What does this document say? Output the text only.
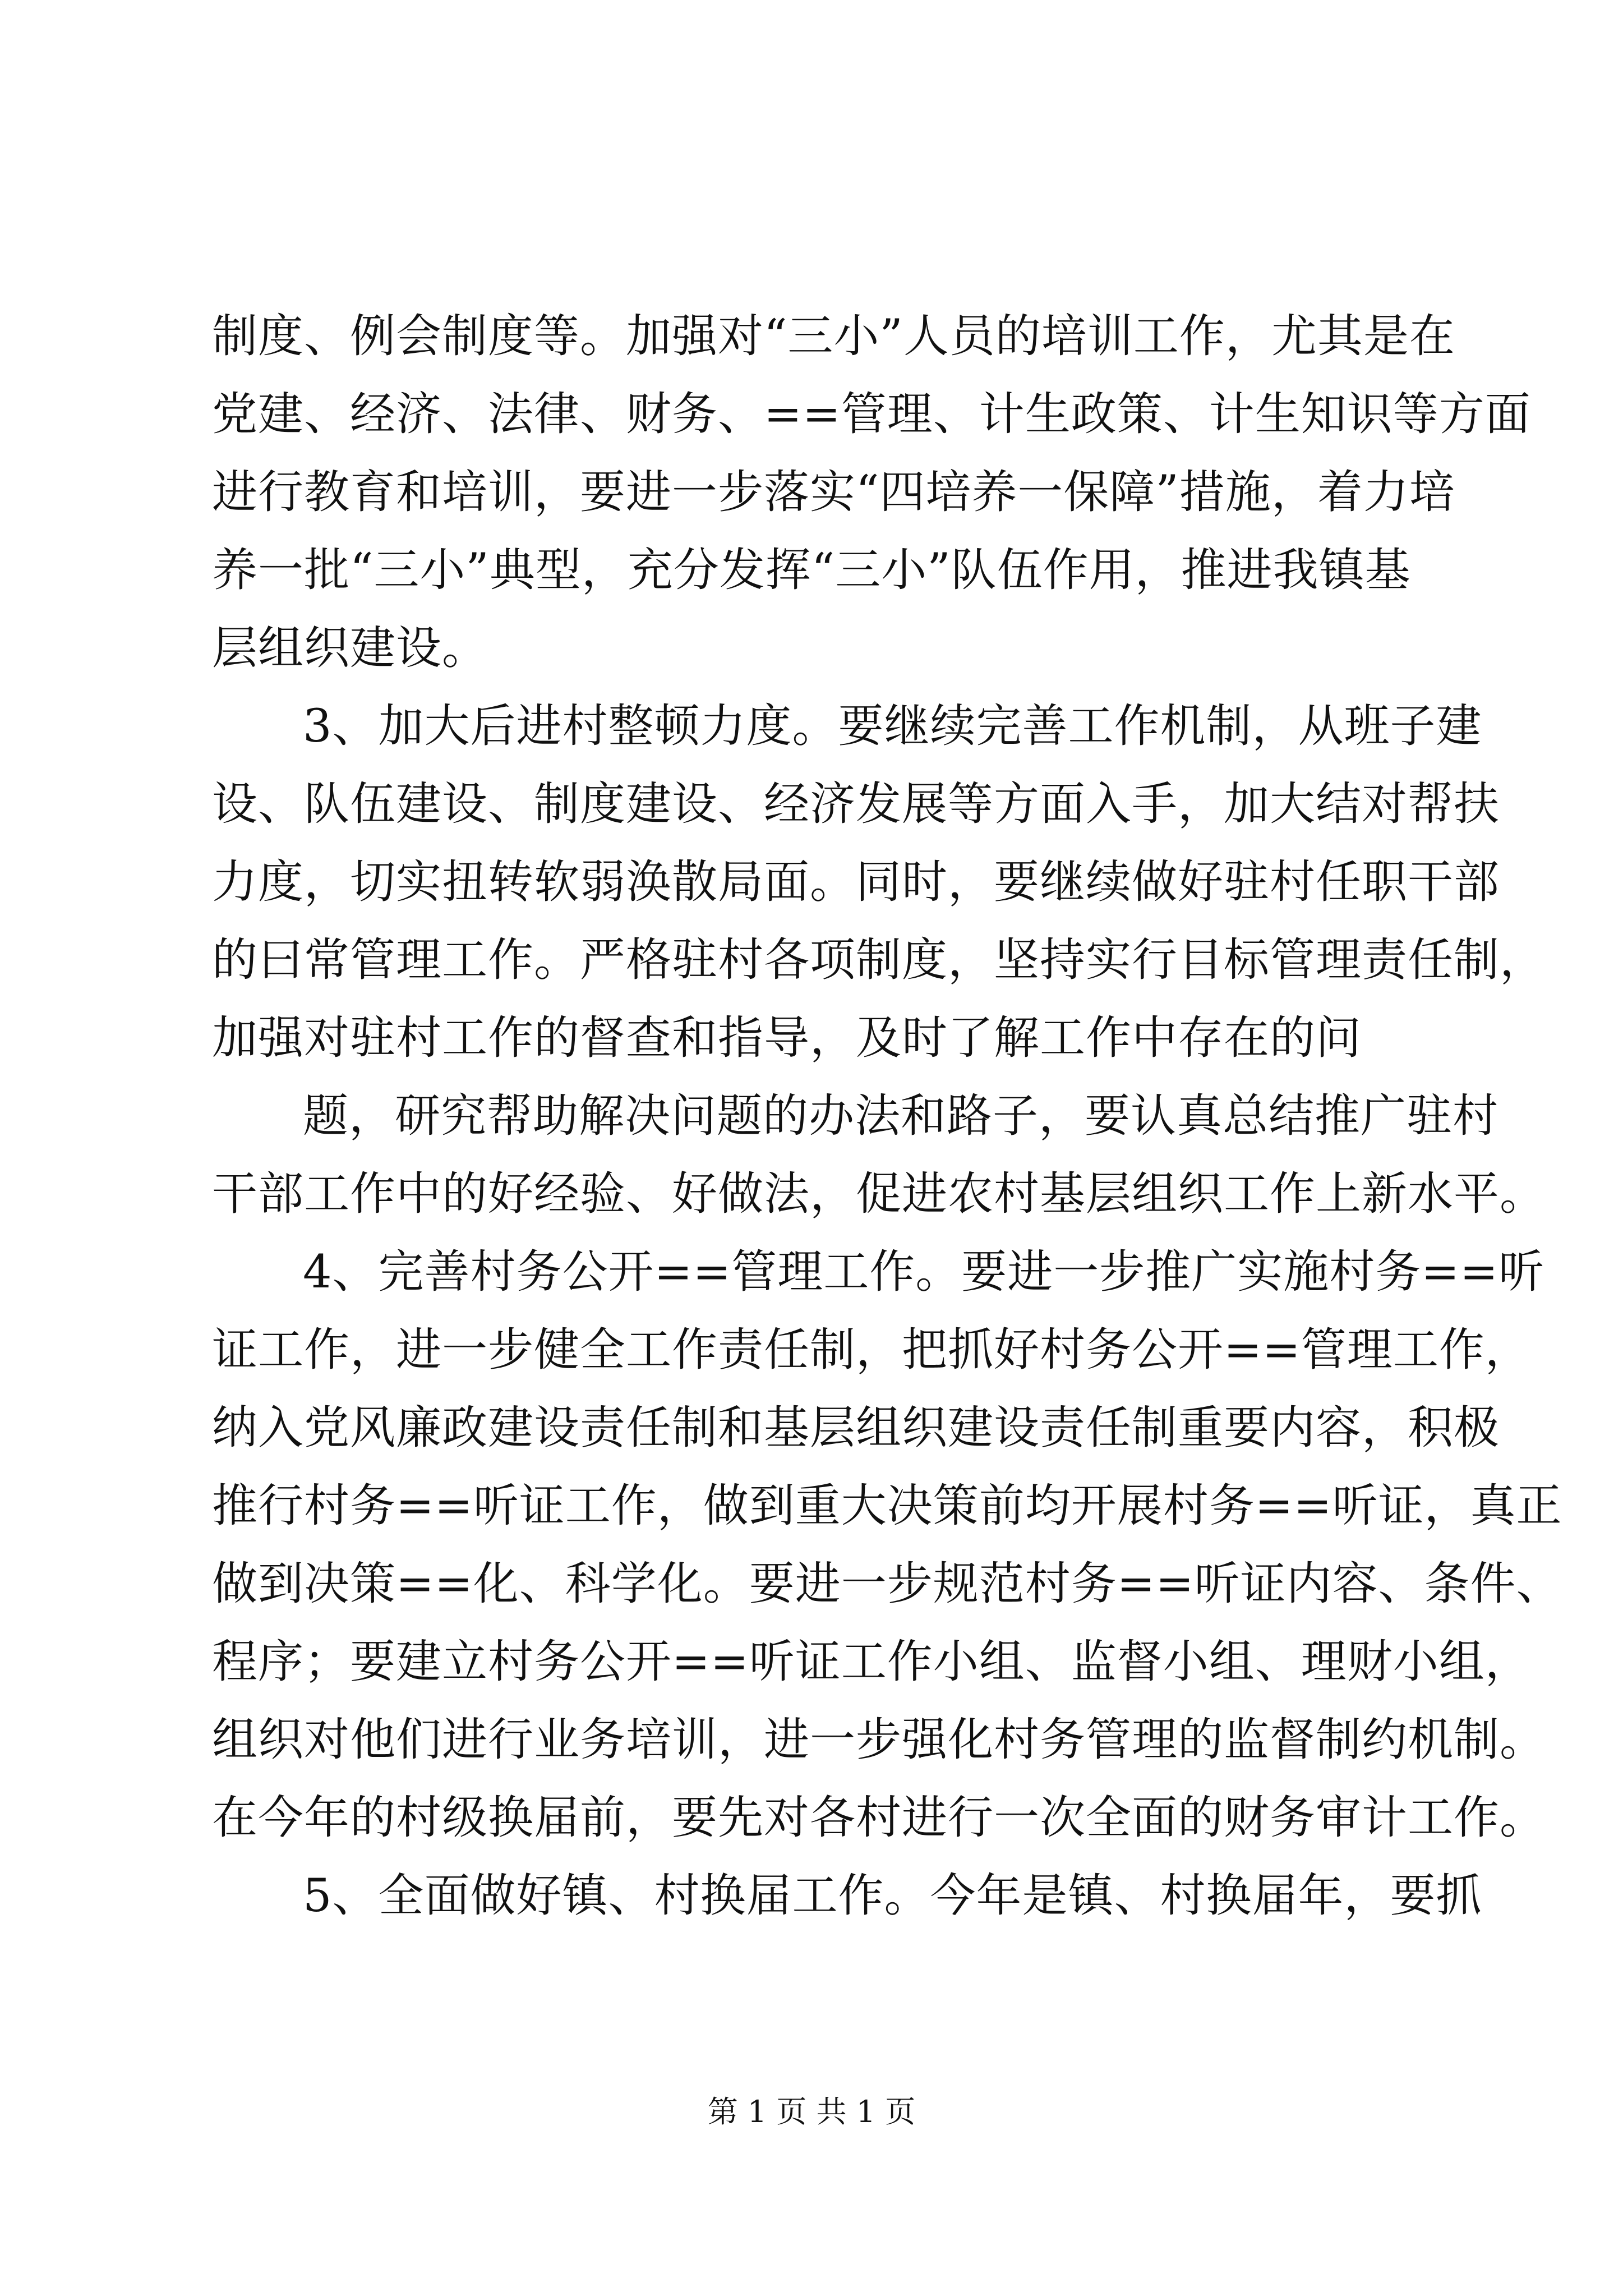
制度、例会制度等。加强对“三小”人员的培训工作，尤其是在
党建、经济、法律、财务、==管理、计生政策、计生知识等方面
进行教育和培训，要进一步落实“四培养一保障”措施，着力培
养一批“三小”典型，充分发挥“三小”队伍作用，推进我镇基
层组织建设。
3、加大后进村整顿力度。要继续完善工作机制，从班子建
设、队伍建设、制度建设、经济发展等方面入手，加大结对帮扶
力度，切实扭转软弱涣散局面。同时，要继续做好驻村任职干部
的曰常管理工作。严格驻村各项制度，坚持实行目标管理责任制，
加强对驻村工作的督查和指导，及时了解工作中存在的问
题，研究帮助解决问题的办法和路子，要认真总结推广驻村
干部工作中的好经验、好做法，促进农村基层组织工作上新水平。
4、完善村务公开==管理工作。要进一步推广实施村务==听
证工作，进一步健全工作责任制，把抓好村务公开==管理工作，
纳入党风廉政建设责任制和基层组织建设责任制重要内容，积极
推行村务==听证工作，做到重大决策前均开展村务==听证，真正
做到决策==化、科学化。要进一步规范村务==听证内容、条件、
程序；要建立村务公开==听证工作小组、监督小组、理财小组，
组织对他们进行业务培训，进一步强化村务管理的监督制约机制。
在今年的村级换届前，要先对各村进行一次全面的财务审计工作。
5、全面做好镇、村换届工作。今年是镇、村换届年，要抓
第 1 页 共 1 页
